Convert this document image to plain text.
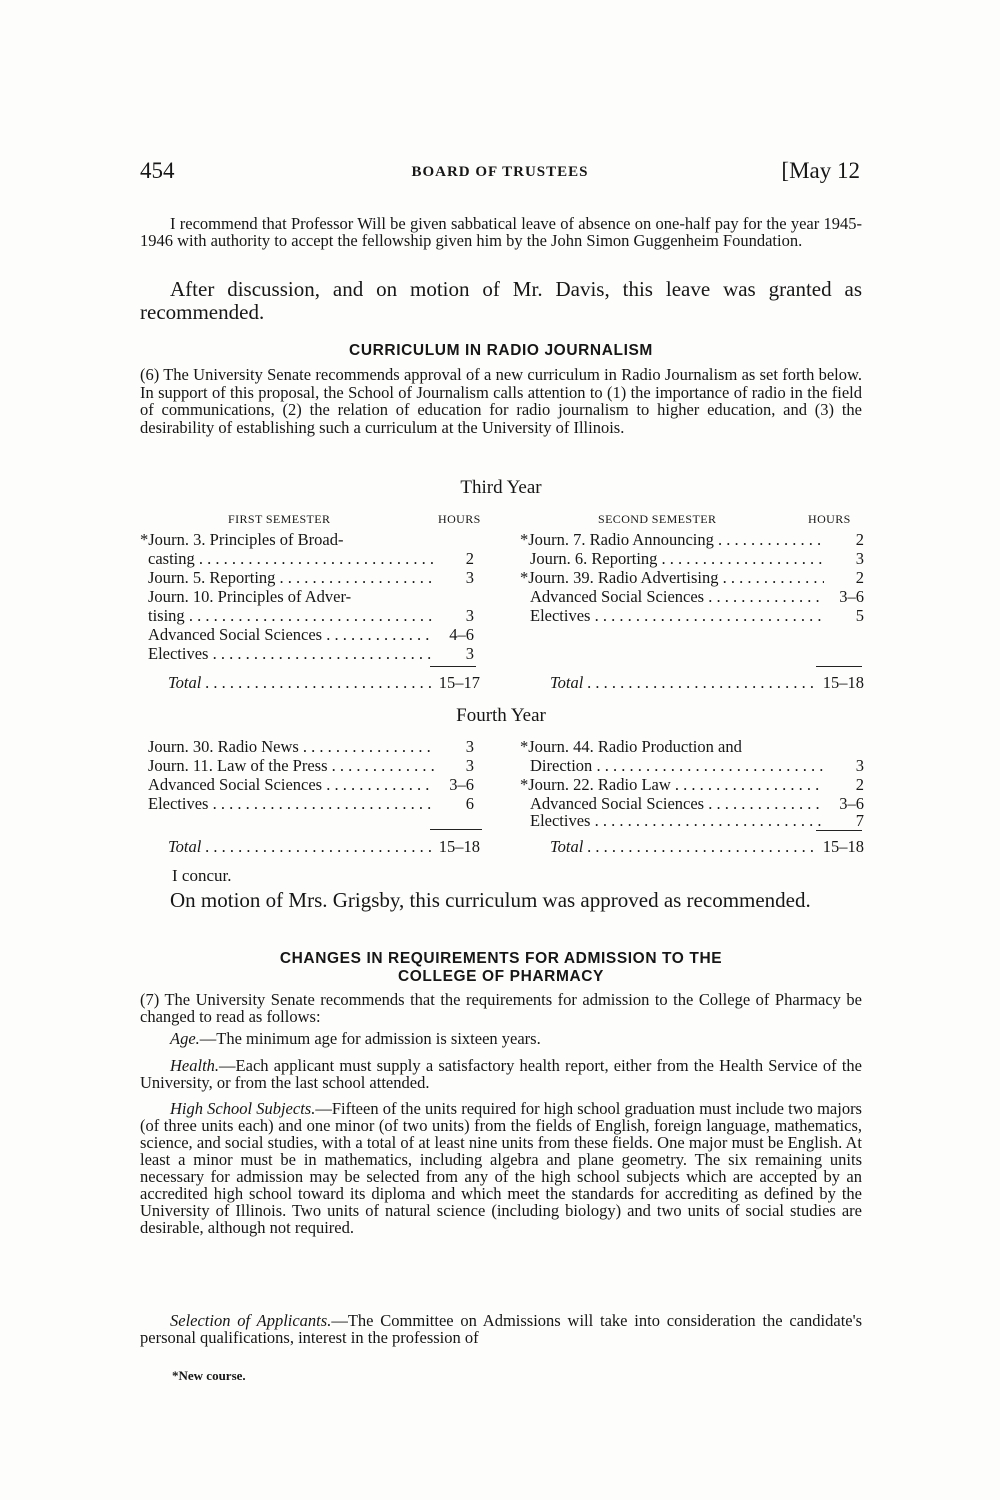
454	BOARD OF TRUSTEES	[May 12
I recommend that Professor Will be given sabbatical leave of absence on one-half pay for the year 1945-1946 with authority to accept the fellowship given him by the John Simon Guggenheim Foundation.
After discussion, and on motion of Mr. Davis, this leave was granted as recommended.
CURRICULUM IN RADIO JOURNALISM
(6) The University Senate recommends approval of a new curriculum in Radio Journalism as set forth below. In support of this proposal, the School of Journalism calls attention to (1) the importance of radio in the field of communications, (2) the relation of education for radio journalism to higher education, and (3) the desirability of establishing such a curriculum at the University of Illinois.
Third Year
FIRST SEMESTER	HOURS	SECOND SEMESTER	HOURS
*Journ. 3. Principles of Broad-
casting . . .	2
Journ. 5. Reporting . . .	3
Journ. 10. Principles of Adver-
tising . . .	3
Advanced Social Sciences . . .	4–6
Electives . . .	3
Total . . .	15–17
*Journ. 7. Radio Announcing . . .	2
Journ. 6. Reporting . . .	3
*Journ. 39. Radio Advertising . . .	2
Advanced Social Sciences . . .	3–6
Electives . . .	5
Total . . .	15–18
Fourth Year
Journ. 30. Radio News . . .	3
Journ. 11. Law of the Press . . .	3
Advanced Social Sciences . . .	3–6
Electives . . .	6
Total . . .	15–18
*Journ. 44. Radio Production and
Direction . . .	3
*Journ. 22. Radio Law . . .	2
Advanced Social Sciences . . .	3–6
Electives . . .	7
Total . . .	15–18
I concur.
On motion of Mrs. Grigsby, this curriculum was approved as recommended.
CHANGES IN REQUIREMENTS FOR ADMISSION TO THE
COLLEGE OF PHARMACY
(7) The University Senate recommends that the requirements for admission to the College of Pharmacy be changed to read as follows:
Age.—The minimum age for admission is sixteen years.
Health.—Each applicant must supply a satisfactory health report, either from the Health Service of the University, or from the last school attended.
High School Subjects.—Fifteen of the units required for high school graduation must include two majors (of three units each) and one minor (of two units) from the fields of English, foreign language, mathematics, science, and social studies, with a total of at least nine units from these fields. One major must be English. At least a minor must be in mathematics, including algebra and plane geometry. The six remaining units necessary for admission may be selected from any of the high school subjects which are accepted by an accredited high school toward its diploma and which meet the standards for accrediting as defined by the University of Illinois. Two units of natural science (including biology) and two units of social studies are desirable, although not required.
Selection of Applicants.—The Committee on Admissions will take into consideration the candidate's personal qualifications, interest in the profession of
*New course.
